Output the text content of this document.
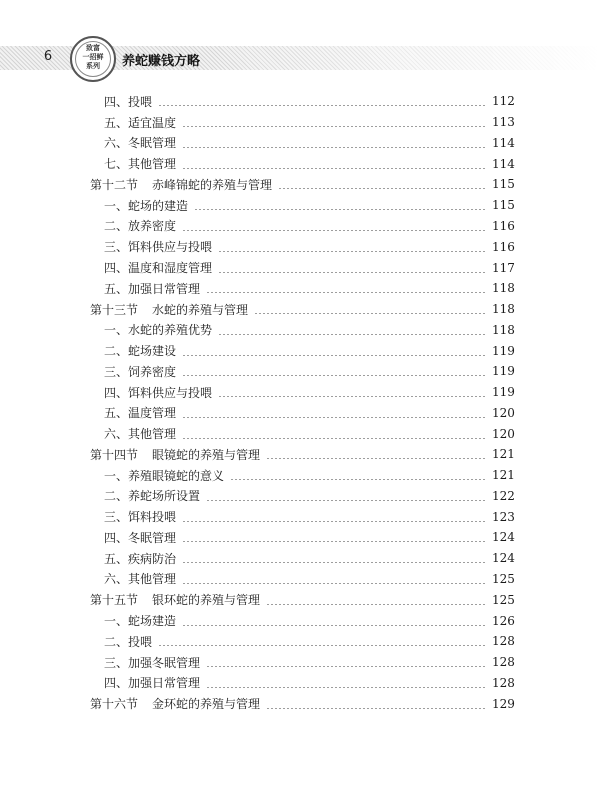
6
致富
一招鲜
系列	养蛇赚钱方略
四、投喂	112
五、适宜温度	113
六、冬眠管理	114
七、其他管理	114
第十二节 赤峰锦蛇的养殖与管理	115
一、蛇场的建造	115
二、放养密度	116
三、饵料供应与投喂	116
四、温度和湿度管理	117
五、加强日常管理	118
第十三节 水蛇的养殖与管理	118
一、水蛇的养殖优势	118
二、蛇场建设	119
三、饲养密度	119
四、饵料供应与投喂	119
五、温度管理	120
六、其他管理	120
第十四节 眼镜蛇的养殖与管理	121
一、养殖眼镜蛇的意义	121
二、养蛇场所设置	122
三、饵料投喂	123
四、冬眠管理	124
五、疾病防治	124
六、其他管理	125
第十五节 银环蛇的养殖与管理	125
一、蛇场建造	126
二、投喂	128
三、加强冬眠管理	128
四、加强日常管理	128
第十六节 金环蛇的养殖与管理	129
